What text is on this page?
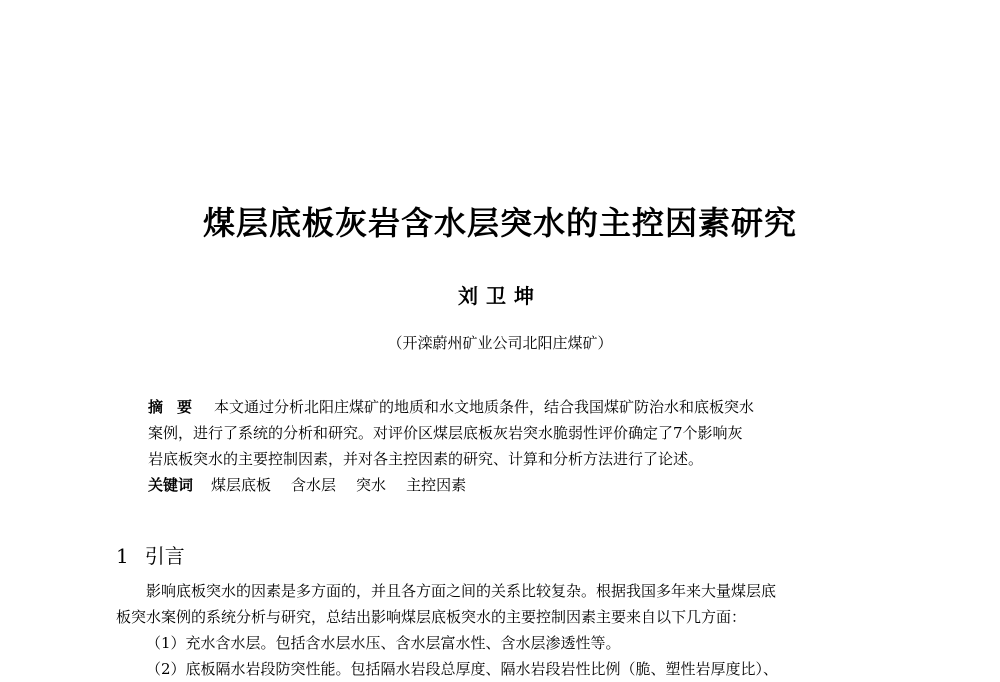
煤层底板灰岩含水层突水的主控因素研究
刘卫坤
（开滦蔚州矿业公司北阳庄煤矿）
摘要 本文通过分析北阳庄煤矿的地质和水文地质条件，结合我国煤矿防治水和底板突水
案例，进行了系统的分析和研究。对评价区煤层底板灰岩突水脆弱性评价确定了7个影响灰
岩底板突水的主要控制因素，并对各主控因素的研究、计算和分析方法进行了论述。
关键词 煤层底板 含水层 突水 主控因素
1 引言
影响底板突水的因素是多方面的，并且各方面之间的关系比较复杂。根据我国多年来大量煤层底
板突水案例的系统分析与研究，总结出影响煤层底板突水的主要控制因素主要来自以下几方面：
（1）充水含水层。包括含水层水压、含水层富水性、含水层渗透性等。
（2）底板隔水岩段防突性能。包括隔水岩段总厚度、隔水岩段岩性比例（脆、塑性岩厚度比）、
